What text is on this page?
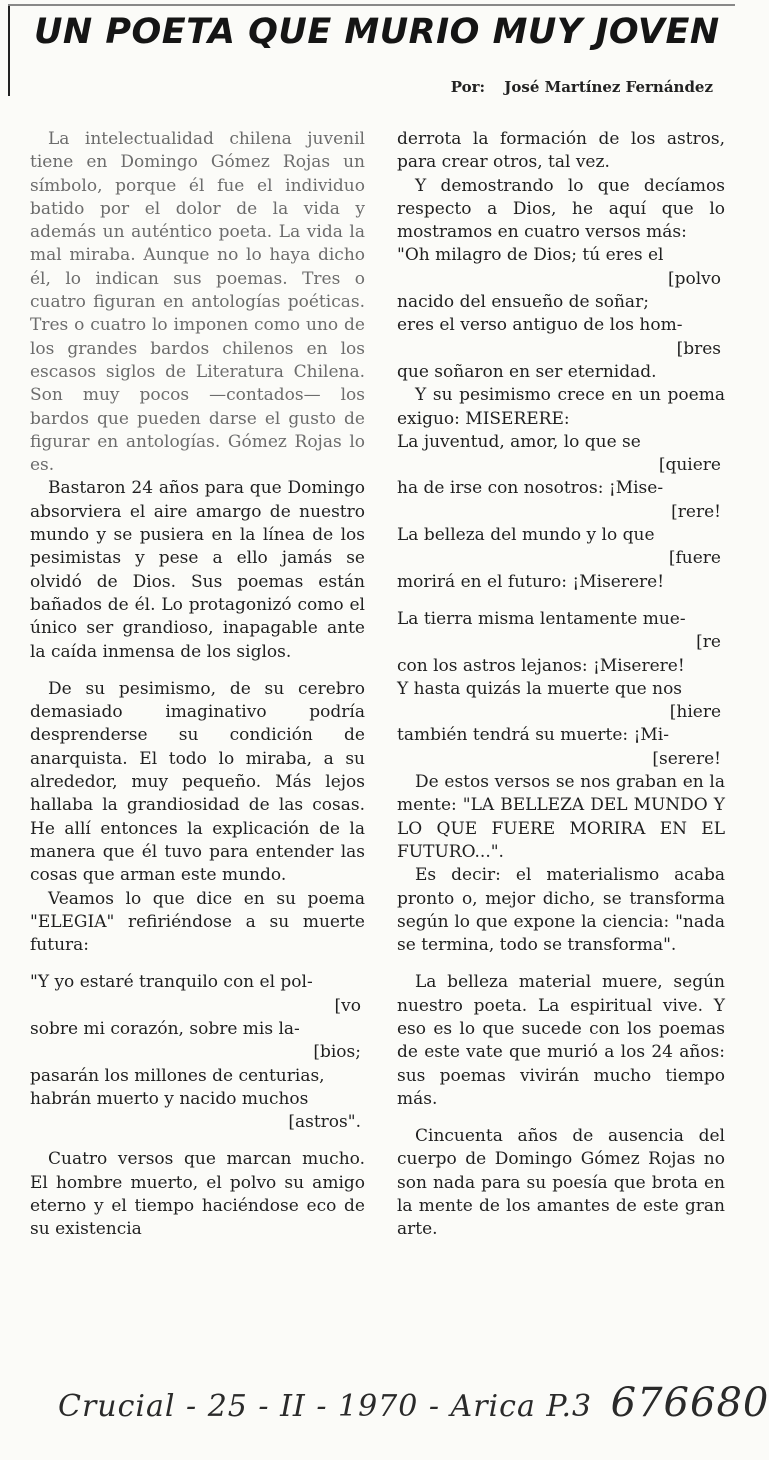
UN POETA QUE MURIO MUY JOVEN
Por: José Martínez Fernández

La intelectualidad chilena juvenil tiene en Domingo Gómez Rojas un símbolo, porque él fue el individuo batido por el dolor de la vida y además un auténtico poeta. La vida la mal miraba. Aunque no lo haya dicho él, lo indican sus poemas. Tres o cuatro figuran en antologías poéticas. Tres o cuatro lo imponen como uno de los grandes bardos chilenos en los escasos siglos de Literatura Chilena. Son muy pocos —contados— los bardos que pueden darse el gusto de figurar en antologías. Gómez Rojas lo es.

Bastaron 24 años para que Domingo absorviera el aire amargo de nuestro mundo y se pusiera en la línea de los pesimistas y pese a ello jamás se olvidó de Dios. Sus poemas están bañados de él. Lo protagonizó como el único ser grandioso, inapagable ante la caída inmensa de los siglos.

De su pesimismo, de su cerebro demasiado imaginativo podría desprenderse su condición de anarquista. El todo lo miraba, a su alrededor, muy pequeño. Más lejos hallaba la grandiosidad de las cosas. He allí entonces la explicación de la manera que él tuvo para entender las cosas que arman este mundo.

Veamos lo que dice en su poema "ELEGIA" refiriéndose a su muerte futura:

"Y yo estaré tranquilo con el pol-

[vo

sobre mi corazón, sobre mis la-

[bios;

pasarán los millones de centurias,

habrán muerto y nacido muchos

[astros".

Cuatro versos que marcan mucho. El hombre muerto, el polvo su amigo eterno y el tiempo haciéndose eco de su existencia

derrota la formación de los astros, para crear otros, tal vez.

Y demostrando lo que decíamos respecto a Dios, he aquí que lo mostramos en cuatro versos más:

"Oh milagro de Dios; tú eres el

[polvo

nacido del ensueño de soñar;

eres el verso antiguo de los hom-

[bres

que soñaron en ser eternidad.

Y su pesimismo crece en un poema exiguo: MISERERE:

La juventud, amor, lo que se

[quiere

ha de irse con nosotros: ¡Mise-

[rere!

La belleza del mundo y lo que

[fuere

morirá en el futuro: ¡Miserere!

La tierra misma lentamente mue-

[re

con los astros lejanos: ¡Miserere!

Y hasta quizás la muerte que nos

[hiere

también tendrá su muerte: ¡Mi-

[serere!

De estos versos se nos graban en la mente: "LA BELLEZA DEL MUNDO Y LO QUE FUERE MORIRA EN EL FUTURO...".

Es decir: el materialismo acaba pronto o, mejor dicho, se transforma según lo que expone la ciencia: "nada se termina, todo se transforma".

La belleza material muere, según nuestro poeta. La espiritual vive. Y eso es lo que sucede con los poemas de este vate que murió a los 24 años: sus poemas vivirán mucho tiempo más.

Cincuenta años de ausencia del cuerpo de Domingo Gómez Rojas no son nada para su poesía que brota en la mente de los amantes de este gran arte.

Crucial - 25 - II - 1970 - Arica P.3 676680
